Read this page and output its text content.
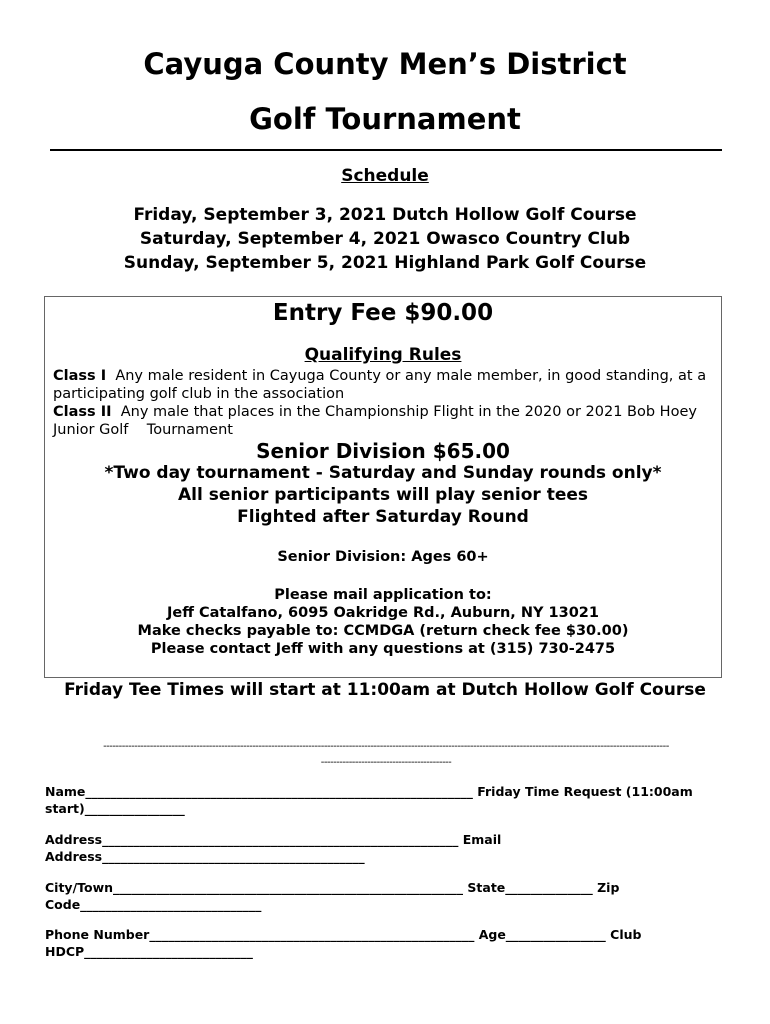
Cayuga County Men’s District
Golf Tournament
Schedule
Friday, September 3, 2021 Dutch Hollow Golf Course
Saturday, September 4, 2021 Owasco Country Club
Sunday, September 5, 2021 Highland Park Golf Course
Entry Fee $90.00
Qualifying Rules
Class I Any male resident in Cayuga County or any male member, in good standing, at a participating golf club in the association
Class II Any male that places in the Championship Flight in the 2020 or 2021 Bob Hoey Junior Golf    Tournament
Senior Division $65.00
*Two day tournament - Saturday and Sunday rounds only*
All senior participants will play senior tees
Flighted after Saturday Round
Senior Division: Ages 60+
Please mail application to:
Jeff Catalfano, 6095 Oakridge Rd., Auburn, NY 13021
Make checks payable to: CCMDGA (return check fee $30.00)
Please contact Jeff with any questions at (315) 730-2475
Friday Tee Times will start at 11:00am at Dutch Hollow Golf Course
--------------------------------------------------------------------------------------------------------------------------------------------------------------------------------------
------------------------------------------
Name______________________________________________________________ Friday Time Request (11:00am start)________________
Address_________________________________________________________ Email Address__________________________________________
City/Town________________________________________________________ State______________ Zip Code_____________________________
Phone Number____________________________________________________ Age________________ Club HDCP___________________________
